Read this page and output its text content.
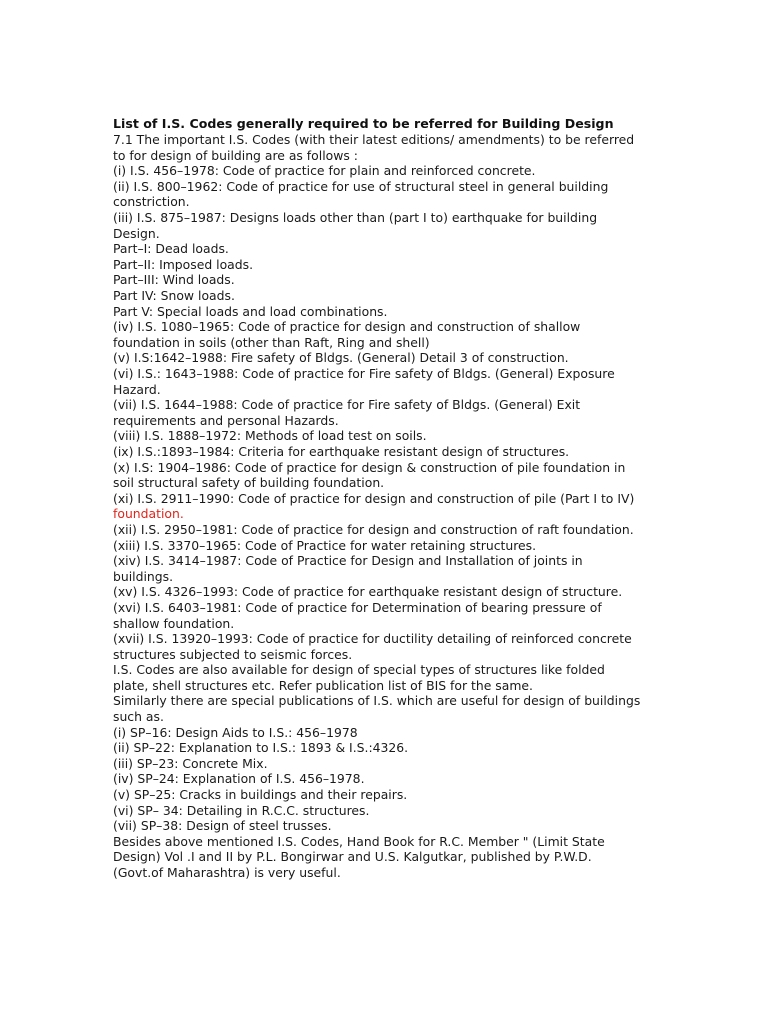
List of I.S. Codes generally required to be referred for Building Design
7.1 The important I.S. Codes (with their latest editions/ amendments) to be referred
to for design of building are as follows :
(i) I.S. 456–1978: Code of practice for plain and reinforced concrete.
(ii) I.S. 800–1962: Code of practice for use of structural steel in general building
constriction.
(iii) I.S. 875–1987: Designs loads other than (part I to) earthquake for building
Design.
Part–I: Dead loads.
Part–II: Imposed loads.
Part–III: Wind loads.
Part IV: Snow loads.
Part V: Special loads and load combinations.
(iv) I.S. 1080–1965: Code of practice for design and construction of shallow
foundation in soils (other than Raft, Ring and shell)
(v) I.S:1642–1988: Fire safety of Bldgs. (General) Detail 3 of construction.
(vi) I.S.: 1643–1988: Code of practice for Fire safety of Bldgs. (General) Exposure
Hazard.
(vii) I.S. 1644–1988: Code of practice for Fire safety of Bldgs. (General) Exit
requirements and personal Hazards.
(viii) I.S. 1888–1972: Methods of load test on soils.
(ix) I.S.:1893–1984: Criteria for earthquake resistant design of structures.
(x) I.S: 1904–1986: Code of practice for design & construction of pile foundation in
soil structural safety of building foundation.
(xi) I.S. 2911–1990: Code of practice for design and construction of pile (Part I to IV)
foundation.
(xii) I.S. 2950–1981: Code of practice for design and construction of raft foundation.
(xiii) I.S. 3370–1965: Code of Practice for water retaining structures.
(xiv) I.S. 3414–1987: Code of Practice for Design and Installation of joints in
buildings.
(xv) I.S. 4326–1993: Code of practice for earthquake resistant design of structure.
(xvi) I.S. 6403–1981: Code of practice for Determination of bearing pressure of
shallow foundation.
(xvii) I.S. 13920–1993: Code of practice for ductility detailing of reinforced concrete
structures subjected to seismic forces.
I.S. Codes are also available for design of special types of structures like folded
plate, shell structures etc. Refer publication list of BIS for the same.
Similarly there are special publications of I.S. which are useful for design of buildings
such as.
(i) SP–16: Design Aids to I.S.: 456–1978
(ii) SP–22: Explanation to I.S.: 1893 & I.S.:4326.
(iii) SP–23: Concrete Mix.
(iv) SP–24: Explanation of I.S. 456–1978.
(v) SP–25: Cracks in buildings and their repairs.
(vi) SP– 34: Detailing in R.C.C. structures.
(vii) SP–38: Design of steel trusses.
Besides above mentioned I.S. Codes, Hand Book for R.C. Member " (Limit State
Design) Vol .I and II by P.L. Bongirwar and U.S. Kalgutkar, published by P.W.D.
(Govt.of Maharashtra) is very useful.
